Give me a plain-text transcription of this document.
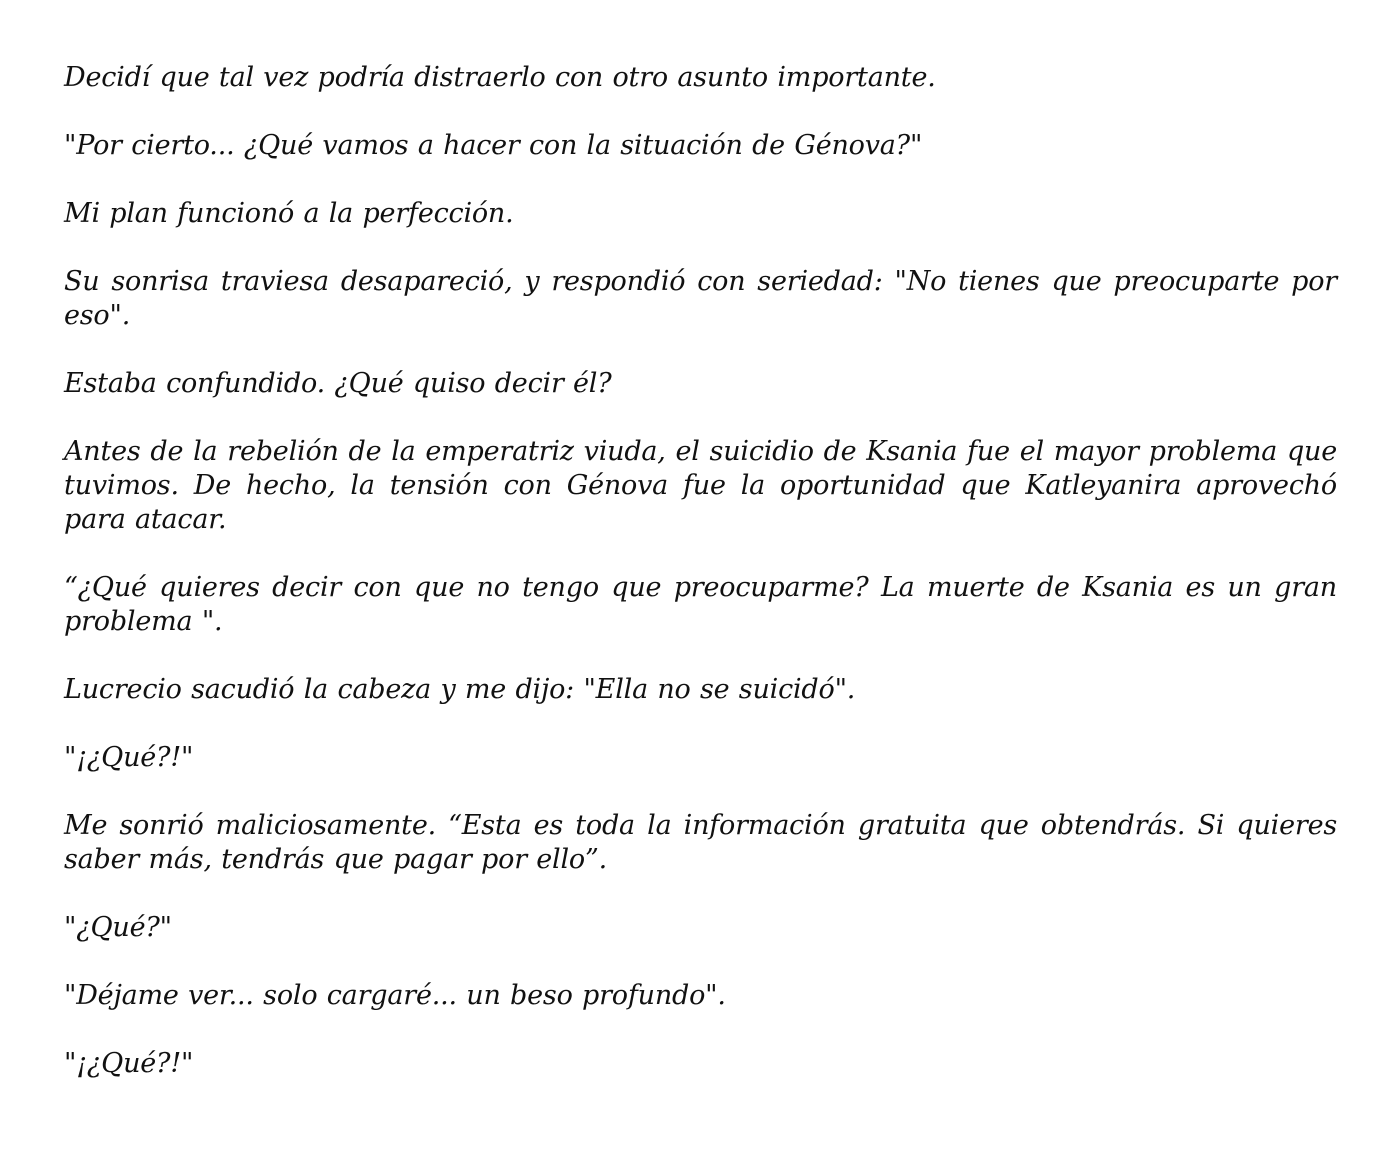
Decidí que tal vez podría distraerlo con otro asunto importante.

"Por cierto... ¿Qué vamos a hacer con la situación de Génova?"

Mi plan funcionó a la perfección.

Su sonrisa traviesa desapareció, y respondió con seriedad: "No tienes que preocuparte por eso".

Estaba confundido. ¿Qué quiso decir él?

Antes de la rebelión de la emperatriz viuda, el suicidio de Ksania fue el mayor problema que tuvimos. De hecho, la tensión con Génova fue la oportunidad que Katleyanira aprovechó para atacar.

“¿Qué quieres decir con que no tengo que preocuparme? La muerte de Ksania es un gran problema ".

Lucrecio sacudió la cabeza y me dijo: "Ella no se suicidó".

"¡¿Qué?!"

Me sonrió maliciosamente. “Esta es toda la información gratuita que obtendrás. Si quieres saber más, tendrás que pagar por ello”.

"¿Qué?"

"Déjame ver... solo cargaré... un beso profundo".

"¡¿Qué?!"
